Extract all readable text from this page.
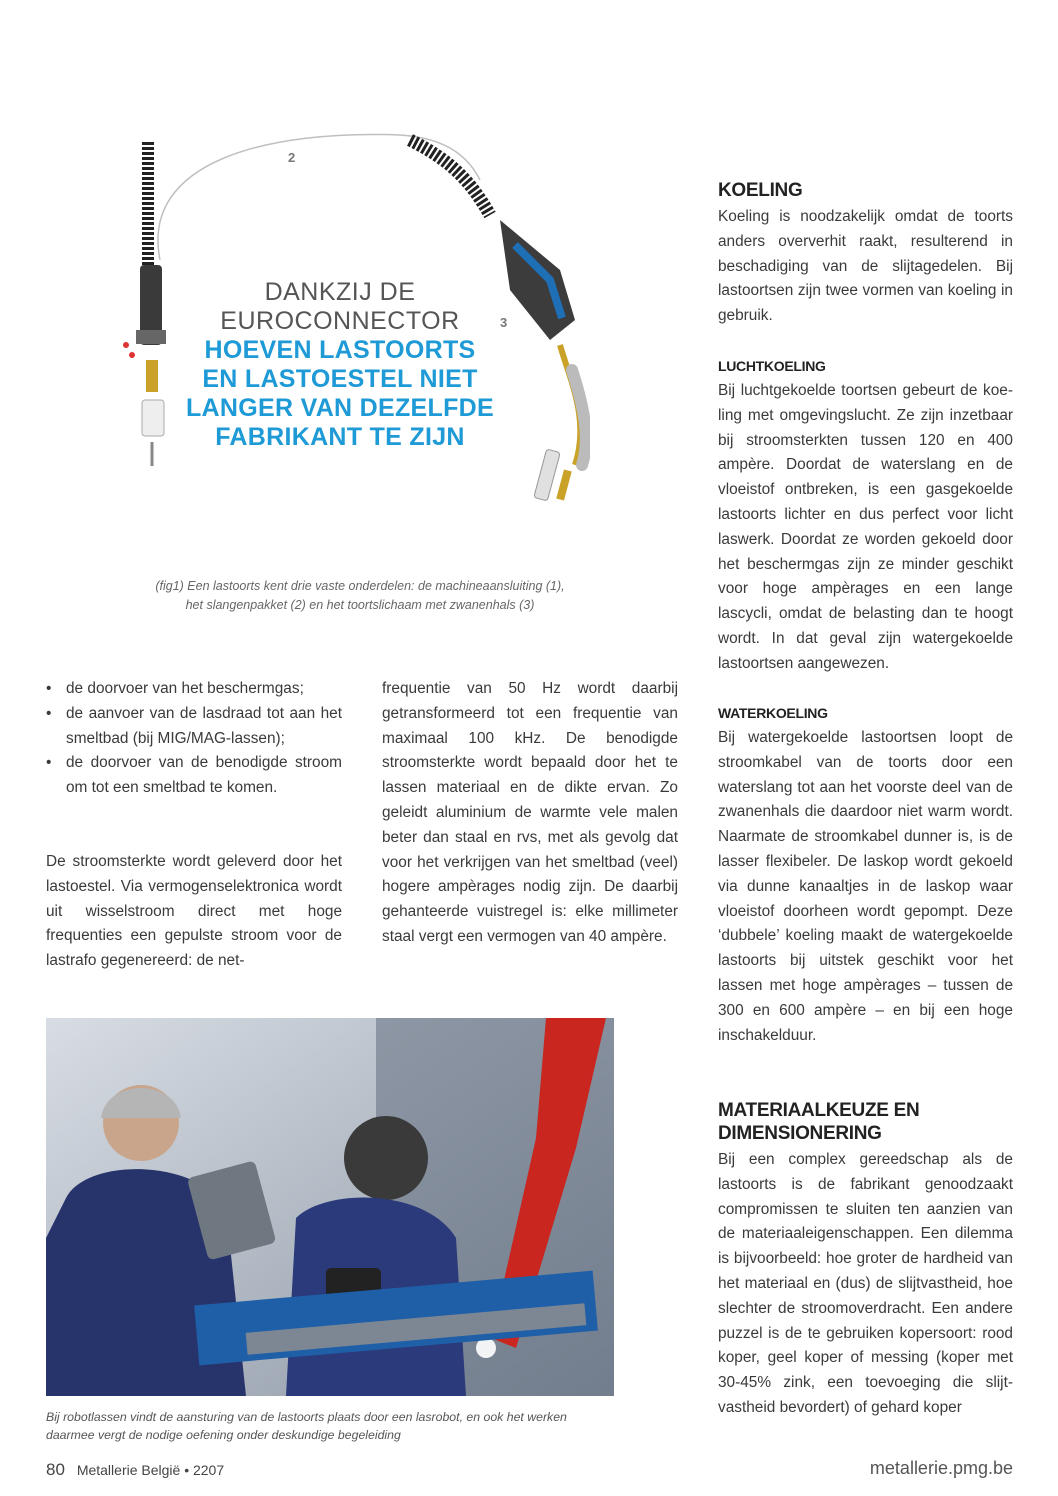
2
3
DANKZIJ DE
EUROCONNECTOR
HOEVEN LASTOORTS
EN LASTOESTEL NIET
LANGER VAN DEZELFDE
FABRIKANT TE ZIJN
(fig1) Een lastoorts kent drie vaste onderdelen: de machineaansluiting (1),
het slangenpakket (2) en het toortslichaam met zwanenhals (3)
• de doorvoer van het beschermgas;
• de aanvoer van de lasdraad tot aan het smeltbad (bij MIG/MAG-lassen);
• de doorvoer van de benodigde stroom om tot een smeltbad te komen.

De stroomsterkte wordt geleverd door het lastoestel. Via vermogenselektronica wordt uit wisselstroom direct met hoge frequenties een gepulste stroom voor de lastrafo gegenereerd: de net-

frequentie van 50 Hz wordt daarbij getransformeerd tot een frequentie van maximaal 100 kHz. De benodigde stroomsterkte wordt bepaald door het te lassen materiaal en de dikte ervan. Zo geleidt aluminium de warmte vele malen beter dan staal en rvs, met als gevolg dat voor het verkrijgen van het smeltbad (veel) hogere ampèrages nodig zijn. De daarbij gehanteerde vuistregel is: elke millimeter staal vergt een vermogen van 40 ampère.

Bij robotlassen vindt de aansturing van de lastoorts plaats door een lasrobot, en ook het werken
daarmee vergt de nodige oefening onder deskundige begeleiding
KOELING

Koeling is noodzakelijk omdat de toorts anders oververhit raakt, resulterend in beschadiging van de slijtagedelen. Bij lastoortsen zijn twee vormen van koeling in gebruik.

LUCHTKOELING

Bij luchtgekoelde toortsen gebeurt de koeling met omgevingslucht. Ze zijn inzetbaar bij stroomsterkten tussen 120 en 400 ampère. Doordat de waterslang en de vloeistof ontbreken, is een gasgekoelde lastoorts lichter en dus perfect voor licht laswerk. Doordat ze worden gekoeld door het beschermgas zijn ze minder geschikt voor hoge ampèrages en een lange lascycli, omdat de belasting dan te hoogt wordt. In dat geval zijn watergekoelde lastoortsen aangewezen.

WATERKOELING

Bij watergekoelde lastoortsen loopt de stroomkabel van de toorts door een waterslang tot aan het voorste deel van de zwanenhals die daardoor niet warm wordt. Naarmate de stroomkabel dunner is, is de lasser flexibeler. De laskop wordt gekoeld via dunne kanaaltjes in de laskop waar vloeistof doorheen wordt gepompt. Deze ‘dubbele’ koeling maakt de watergekoelde lastoorts bij uitstek geschikt voor het lassen met hoge ampèrages – tussen de 300 en 600 ampère – en bij een hoge inschakelduur.

MATERIAALKEUZE EN
DIMENSIONERING

Bij een complex gereedschap als de lastoorts is de fabrikant genoodzaakt compromissen te sluiten ten aanzien van de materiaaleigenschappen. Een dilemma is bijvoorbeeld: hoe groter de hardheid van het materiaal en (dus) de slijtvastheid, hoe slechter de stroomoverdracht. Een andere puzzel is de te gebruiken kopersoort: rood koper, geel koper of messing (koper met 30-45% zink, een toevoeging die slijtvastheid bevordert) of gehard koper

80 Metallerie België • 2207	metallerie.pmg.be
